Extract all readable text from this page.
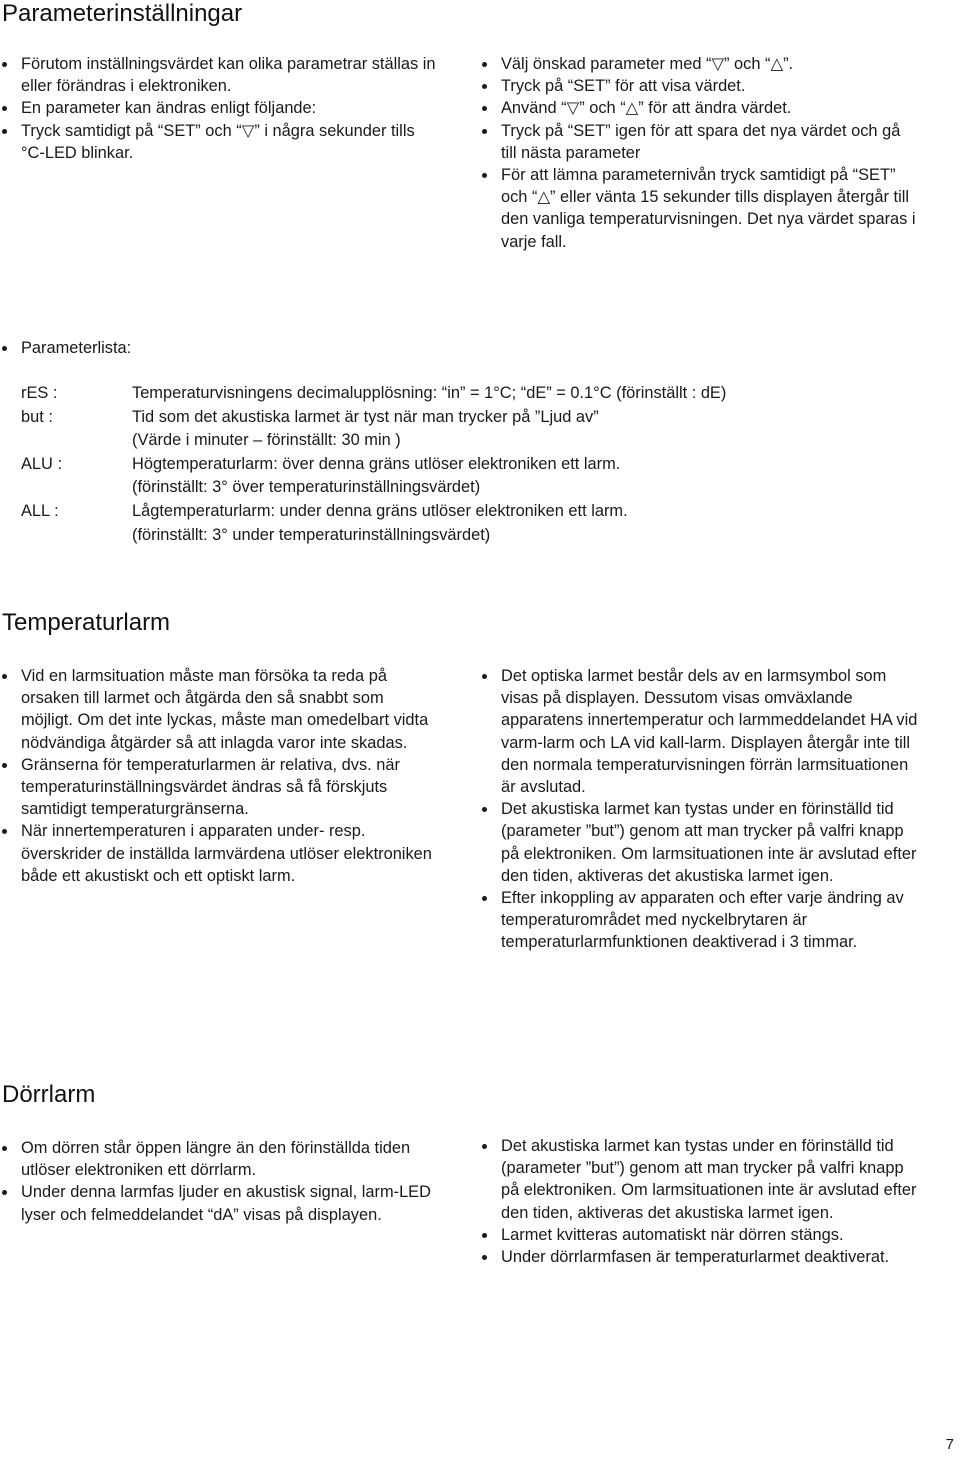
Parameterinställningar
Förutom inställningsvärdet kan olika parametrar ställas in eller förändras i elektroniken.
En parameter kan ändras enligt följande:
Tryck samtidigt på “SET” och “▽” i några sekunder tills °C-LED blinkar.
Välj önskad parameter med “▽” och “△”.
Tryck på “SET” för att visa värdet.
Använd “▽” och “△” för att ändra värdet.
Tryck på “SET” igen för att spara det nya värdet och gå till nästa parameter
För att lämna parameternivån tryck samtidigt på “SET” och “△” eller vänta 15 sekunder tills displayen återgår till den vanliga temperaturvisningen. Det nya värdet sparas i varje fall.
Parameterlista:
rES :	Temperaturvisningens decimalupplösning: “in” = 1°C; “dE” = 0.1°C (förinställt : dE)
but :	Tid som det akustiska larmet är tyst när man trycker på ”Ljud av”
(Värde i minuter – förinställt: 30 min )
ALU :	Högtemperaturlarm: över denna gräns utlöser elektroniken ett larm.
(förinställt: 3° över temperaturinställningsvärdet)
ALL :	Lågtemperaturlarm: under denna gräns utlöser elektroniken ett larm.
(förinställt: 3° under temperaturinställningsvärdet)
Temperaturlarm
Vid en larmsituation måste man försöka ta reda på orsaken till larmet och åtgärda den så snabbt som möjligt. Om det inte lyckas, måste man omedelbart vidta nödvändiga åtgärder så att inlagda varor inte skadas.
Gränserna för temperaturlarmen är relativa, dvs. när temperaturinställningsvärdet ändras så få förskjuts samtidigt temperaturgränserna.
När innertemperaturen i apparaten under- resp. överskrider de inställda larmvärdena utlöser elektroniken både ett akustiskt och ett optiskt larm.
Det optiska larmet består dels av en larmsymbol som visas på displayen. Dessutom visas omväxlande apparatens innertemperatur och larmmeddelandet HA vid varm-larm och LA vid kall-larm. Displayen återgår inte till den normala temperaturvisningen förrän larmsituationen är avslutad.
Det akustiska larmet kan tystas under en förinställd tid (parameter ”but”) genom att man trycker på valfri knapp på elektroniken. Om larmsituationen inte är avslutad efter den tiden, aktiveras det akustiska larmet igen.
Efter inkoppling av apparaten och efter varje ändring av temperaturområdet med nyckelbrytaren är temperaturlarmfunktionen deaktiverad i 3 timmar.
Dörrlarm
Om dörren står öppen längre än den förinställda tiden utlöser elektroniken ett dörrlarm.
Under denna larmfas ljuder en akustisk signal, larm-LED lyser och felmeddelandet “dA” visas på displayen.
Det akustiska larmet kan tystas under en förinställd tid (parameter ”but”) genom att man trycker på valfri knapp på elektroniken. Om larmsituationen inte är avslutad efter den tiden, aktiveras det akustiska larmet igen.
Larmet kvitteras automatiskt när dörren stängs.
Under dörrlarmfasen är temperaturlarmet deaktiverat.
7
